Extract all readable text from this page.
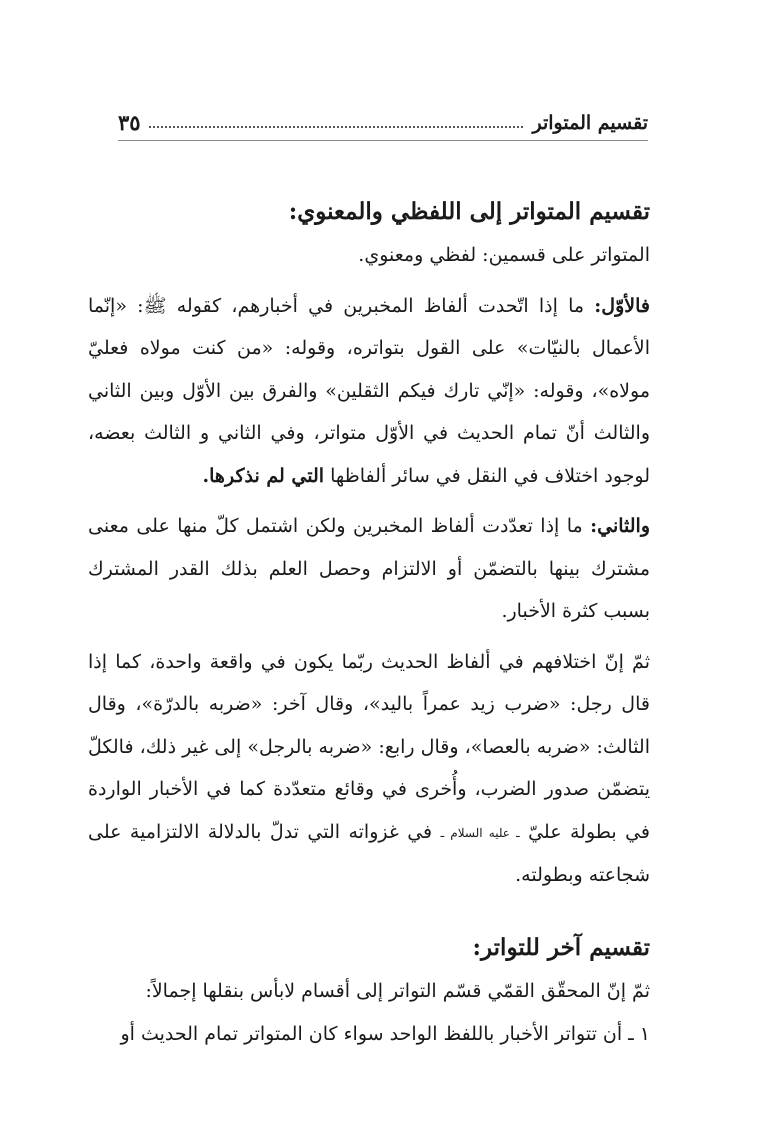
تقسيم المتواتر
٣٥
تقسيم المتواتر إلى اللفظي والمعنوي:

المتواتر على قسمين: لفظي ومعنوي.

فالأوّل: ما إذا اتّحدت ألفاظ المخبرين في أخبارهم، كقوله ﷺ: «إنّما الأعمال بالنيّات» على القول بتواتره، وقوله: «من كنت مولاه فعليّ مولاه»، وقوله: «إنّي تارك فيكم الثقلين» والفرق بين الأوّل وبين الثاني والثالث أنّ تمام الحديث في الأوّل متواتر، وفي الثاني و الثالث بعضه، لوجود اختلاف في النقل في سائر ألفاظها التي لم نذكرها.

والثاني: ما إذا تعدّدت ألفاظ المخبرين ولكن اشتمل كلّ منها على معنى مشترك بينها بالتضمّن أو الالتزام وحصل العلم بذلك القدر المشترك بسبب كثرة الأخبار.

ثمّ إنّ اختلافهم في ألفاظ الحديث ربّما يكون في واقعة واحدة، كما إذا قال رجل: «ضرب زيد عمراً باليد»، وقال آخر: «ضربه بالدرّة»، وقال الثالث: «ضربه بالعصا»، وقال رابع: «ضربه بالرجل» إلى غير ذلك، فالكلّ يتضمّن صدور الضرب، وأُخرى في وقائع متعدّدة كما في الأخبار الواردة في بطولة عليّ ـ عليه السلام ـ في غزواته التي تدلّ بالدلالة الالتزامية على شجاعته وبطولته.

تقسيم آخر للتواتر:

ثمّ إنّ المحقّق القمّي قسّم التواتر إلى أقسام لابأس بنقلها إجمالاً:

١ ـ أن تتواتر الأخبار باللفظ الواحد سواء كان المتواتر تمام الحديث أو
